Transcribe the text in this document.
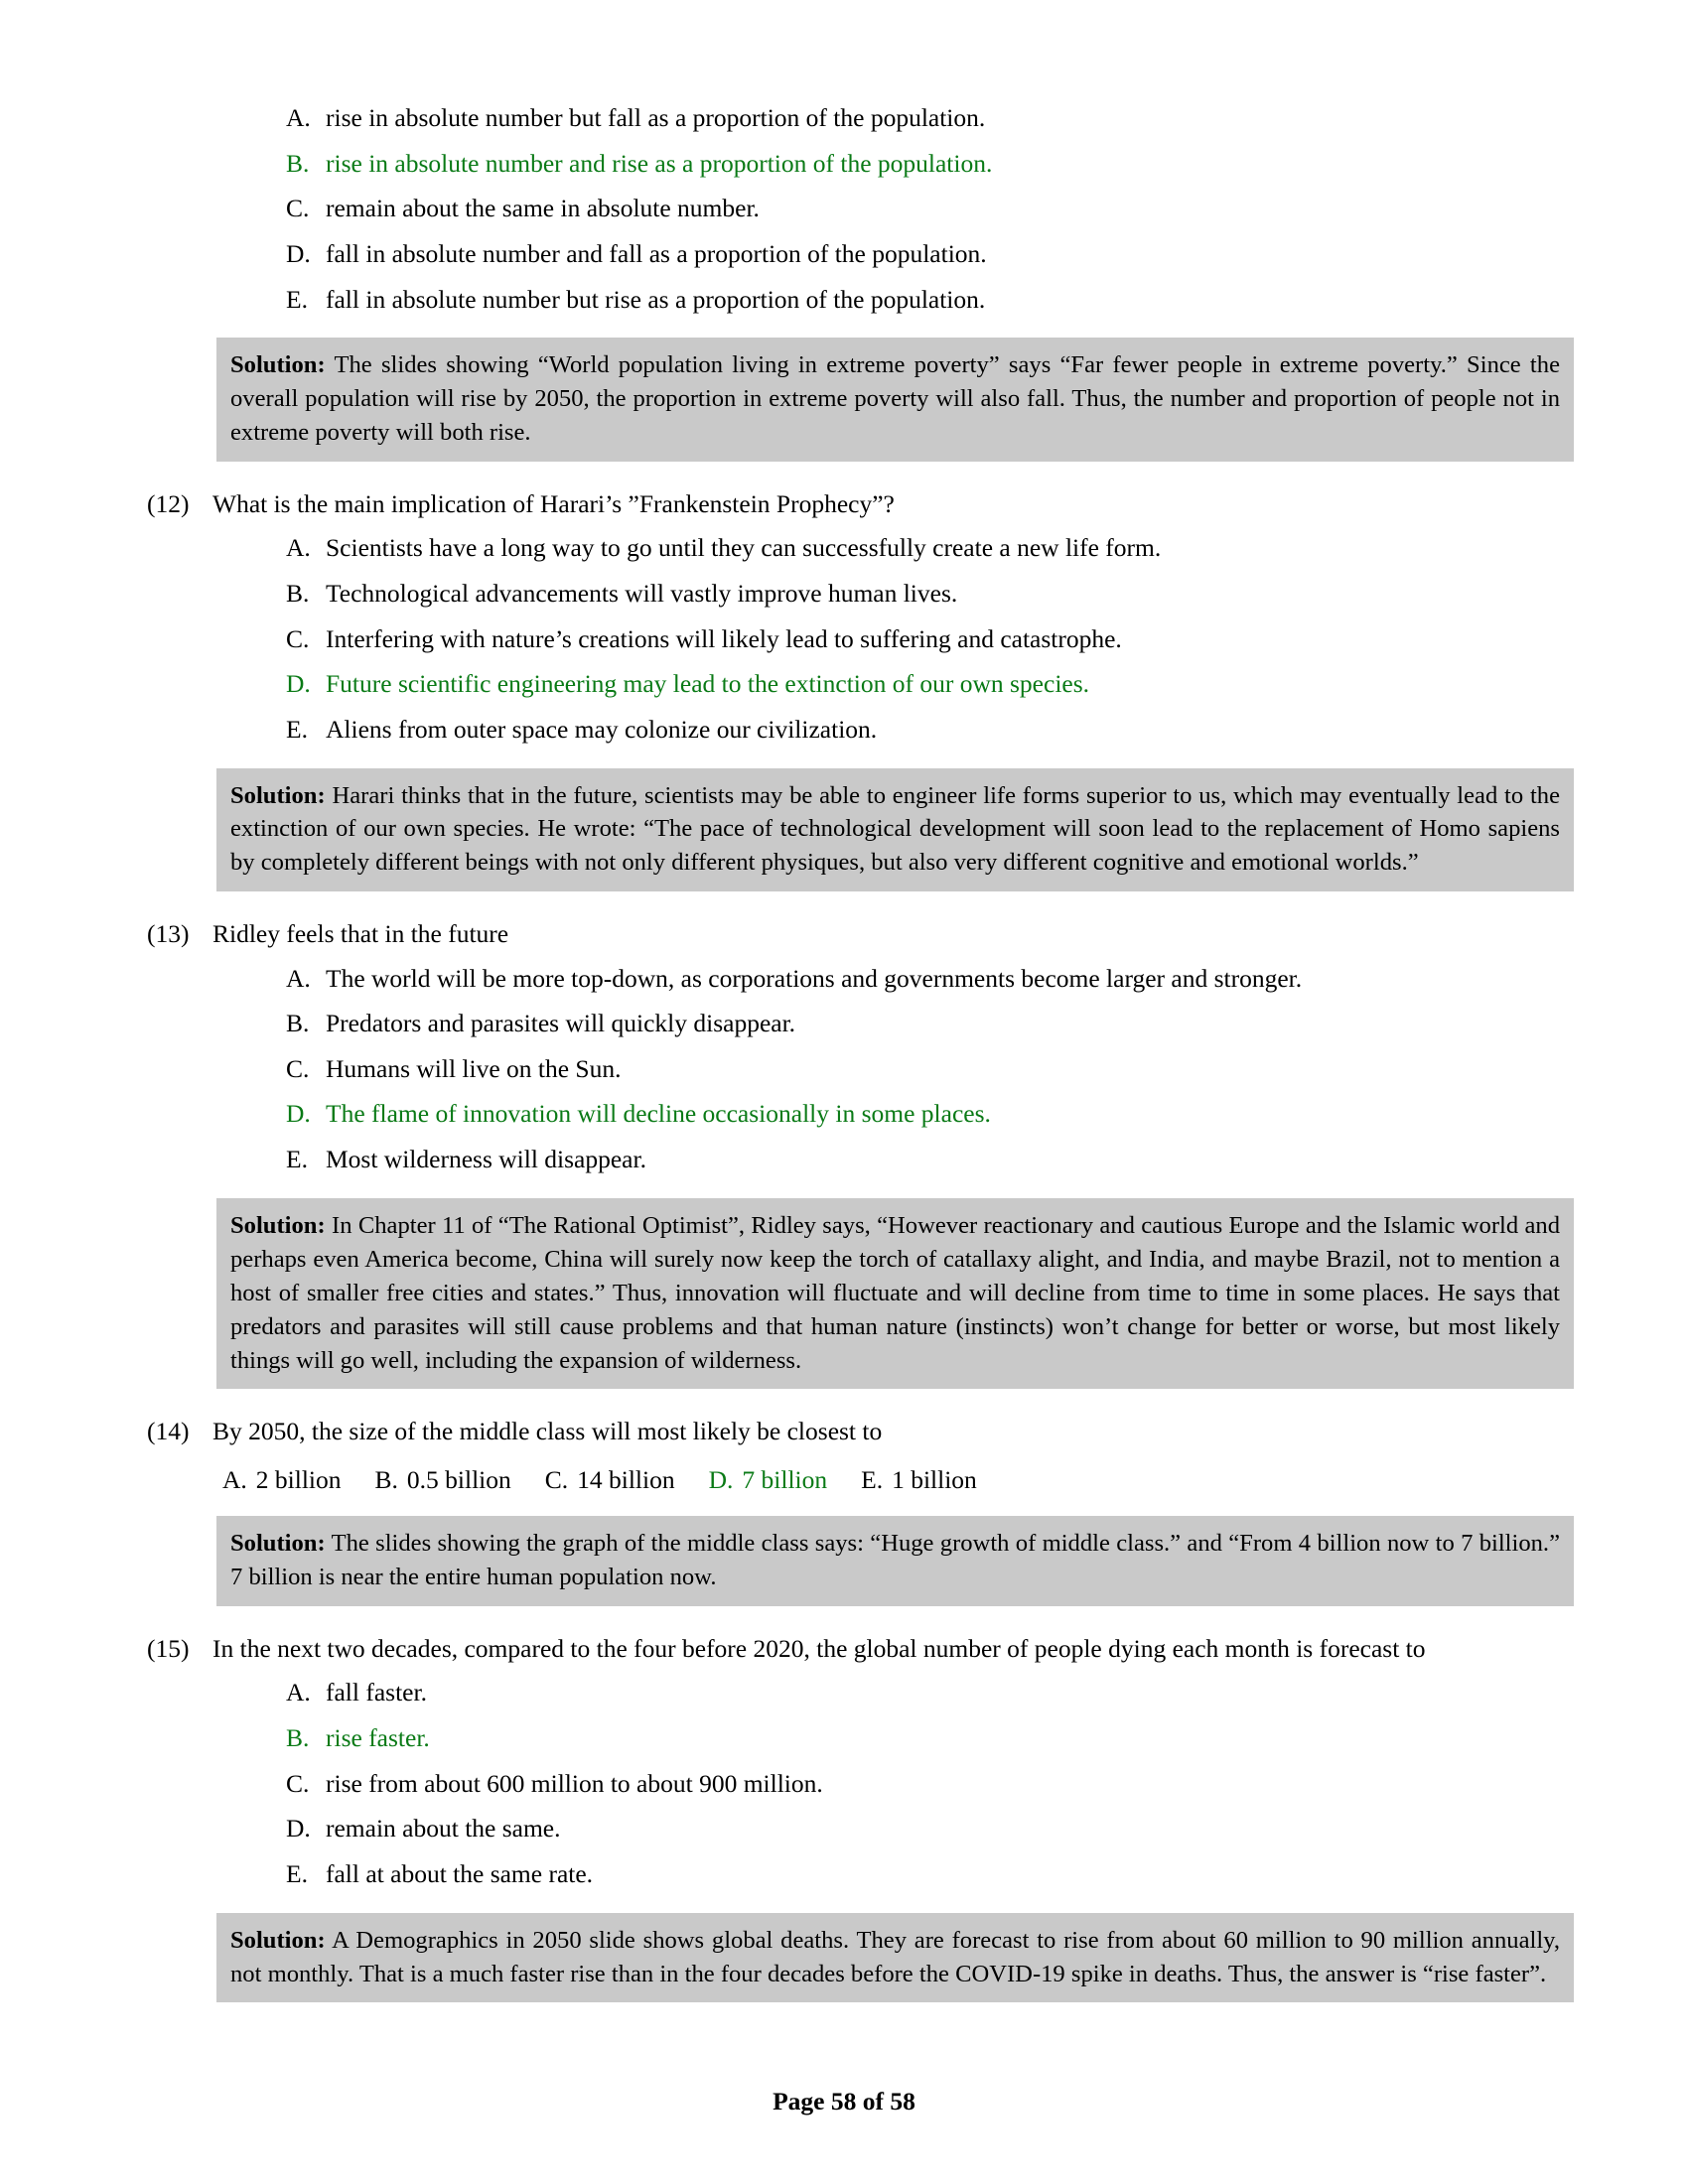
A. rise in absolute number but fall as a proportion of the population.
B. rise in absolute number and rise as a proportion of the population.
C. remain about the same in absolute number.
D. fall in absolute number and fall as a proportion of the population.
E. fall in absolute number but rise as a proportion of the population.
Solution: The slides showing “World population living in extreme poverty” says “Far fewer people in extreme poverty.” Since the overall population will rise by 2050, the proportion in extreme poverty will also fall. Thus, the number and proportion of people not in extreme poverty will both rise.
(12) What is the main implication of Harari’s ”Frankenstein Prophecy”?
A. Scientists have a long way to go until they can successfully create a new life form.
B. Technological advancements will vastly improve human lives.
C. Interfering with nature’s creations will likely lead to suffering and catastrophe.
D. Future scientific engineering may lead to the extinction of our own species.
E. Aliens from outer space may colonize our civilization.
Solution: Harari thinks that in the future, scientists may be able to engineer life forms superior to us, which may eventually lead to the extinction of our own species. He wrote: “The pace of technological development will soon lead to the replacement of Homo sapiens by completely different beings with not only different physiques, but also very different cognitive and emotional worlds.”
(13) Ridley feels that in the future
A. The world will be more top-down, as corporations and governments become larger and stronger.
B. Predators and parasites will quickly disappear.
C. Humans will live on the Sun.
D. The flame of innovation will decline occasionally in some places.
E. Most wilderness will disappear.
Solution: In Chapter 11 of “The Rational Optimist”, Ridley says, “However reactionary and cautious Europe and the Islamic world and perhaps even America become, China will surely now keep the torch of catallaxy alight, and India, and maybe Brazil, not to mention a host of smaller free cities and states.” Thus, innovation will fluctuate and will decline from time to time in some places. He says that predators and parasites will still cause problems and that human nature (instincts) won’t change for better or worse, but most likely things will go well, including the expansion of wilderness.
(14) By 2050, the size of the middle class will most likely be closest to
A. 2 billion B. 0.5 billion C. 14 billion D. 7 billion E. 1 billion
Solution: The slides showing the graph of the middle class says: “Huge growth of middle class.” and “From 4 billion now to 7 billion.” 7 billion is near the entire human population now.
(15) In the next two decades, compared to the four before 2020, the global number of people dying each month is forecast to
A. fall faster.
B. rise faster.
C. rise from about 600 million to about 900 million.
D. remain about the same.
E. fall at about the same rate.
Solution: A Demographics in 2050 slide shows global deaths. They are forecast to rise from about 60 million to 90 million annually, not monthly. That is a much faster rise than in the four decades before the COVID-19 spike in deaths. Thus, the answer is “rise faster”.
Page 58 of 58
